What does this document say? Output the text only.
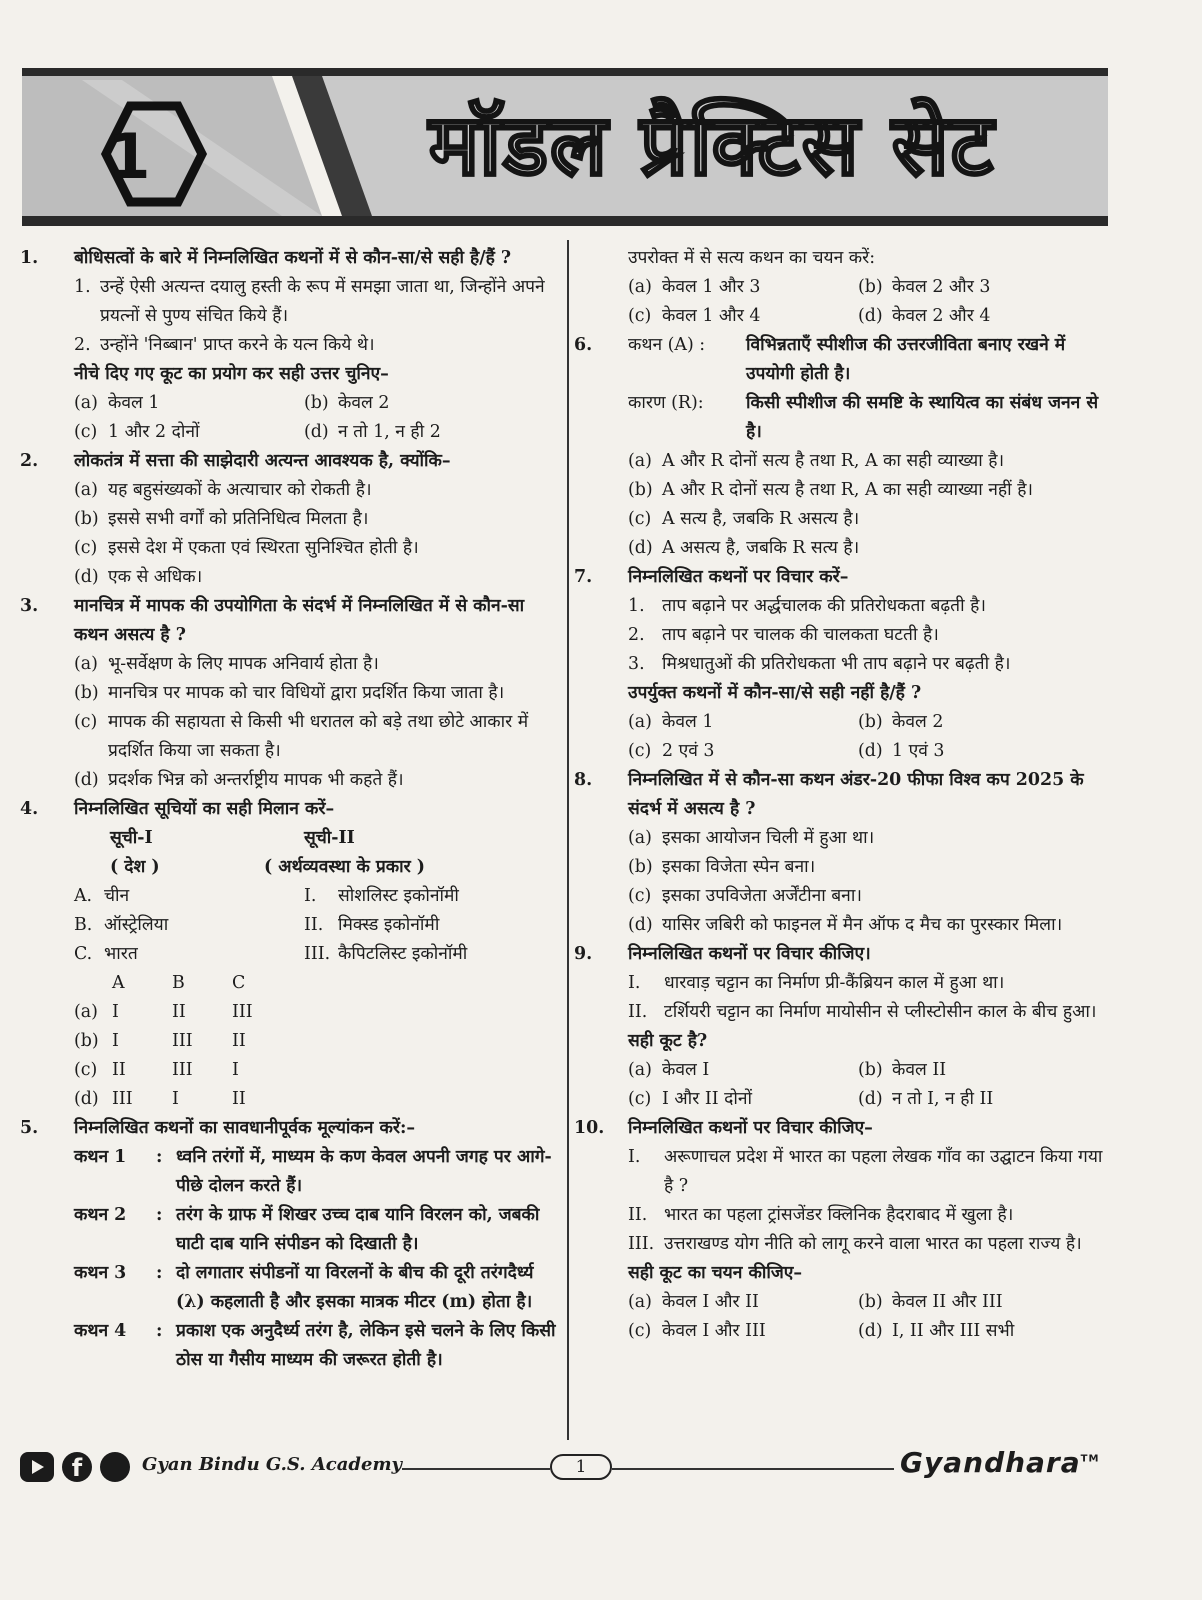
1	मॉडल प्रैक्टिस सेट
1.	बोधिसत्वों के बारे में निम्नलिखित कथनों में से कौन-सा/से सही है/हैं ?
1. उन्हें ऐसी अत्यन्त दयालु हस्ती के रूप में समझा जाता था, जिन्होंने अपने प्रयत्नों से पुण्य संचित किये हैं।
2. उन्होंने 'निब्बान' प्राप्त करने के यत्न किये थे।
नीचे दिए गए कूट का प्रयोग कर सही उत्तर चुनिए–
(a) केवल 1	(b) केवल 2
(c) 1 और 2 दोनों	(d) न तो 1, न ही 2
2.	लोकतंत्र में सत्ता की साझेदारी अत्यन्त आवश्यक है, क्योंकि–
(a) यह बहुसंख्यकों के अत्याचार को रोकती है।
(b) इससे सभी वर्गों को प्रतिनिधित्व मिलता है।
(c) इससे देश में एकता एवं स्थिरता सुनिश्चित होती है।
(d) एक से अधिक।
3.	मानचित्र में मापक की उपयोगिता के संदर्भ में निम्नलिखित में से कौन-सा कथन असत्य है ?
(a) भू-सर्वेक्षण के लिए मापक अनिवार्य होता है।
(b) मानचित्र पर मापक को चार विधियों द्वारा प्रदर्शित किया जाता है।
(c) मापक की सहायता से किसी भी धरातल को बड़े तथा छोटे आकार में प्रदर्शित किया जा सकता है।
(d) प्रदर्शक भिन्न को अन्तर्राष्ट्रीय मापक भी कहते हैं।
4.	निम्नलिखित सूचियों का सही मिलान करें–
सूची-I	सूची-II
( देश )	( अर्थव्यवस्था के प्रकार )
A. चीन	I.	सोशलिस्ट इकोनॉमी
B. ऑस्ट्रेलिया	II. मिक्स्ड इकोनॉमी
C. भारत	III. कैपिटलिस्ट इकोनॉमी
A	B	C
(a) I	II	III
(b) I	III	II
(c) II	III	I
(d) III	I	II
5.	निम्नलिखित कथनों का सावधानीपूर्वक मूल्यांकन करें:–
कथन 1	: ध्वनि तरंगों में, माध्यम के कण केवल अपनी जगह पर आगे-पीछे दोलन करते हैं।
कथन 2	: तरंग के ग्राफ में शिखर उच्च दाब यानि विरलन को, जबकी घाटी दाब यानि संपीडन को दिखाती है।
कथन 3	: दो लगातार संपीडनों या विरलनों के बीच की दूरी तरंगदैर्ध्य (λ) कहलाती है और इसका मात्रक मीटर (m) होता है।
कथन 4	: प्रकाश एक अनुदैर्ध्य तरंग है, लेकिन इसे चलने के लिए किसी ठोस या गैसीय माध्यम की जरूरत होती है।
उपरोक्त में से सत्य कथन का चयन करें:
(a) केवल 1 और 3	(b) केवल 2 और 3
(c) केवल 1 और 4	(d) केवल 2 और 4
6.	कथन (A) :	विभिन्नताएँ स्पीशीज की उत्तरजीविता बनाए रखने में उपयोगी होती है।
कारण (R):	किसी स्पीशीज की समष्टि के स्थायित्व का संबंध जनन से है।
(a) A और R दोनों सत्य है तथा R, A का सही व्याख्या है।
(b) A और R दोनों सत्य है तथा R, A का सही व्याख्या नहीं है।
(c) A सत्य है, जबकि R असत्य है।
(d) A असत्य है, जबकि R सत्य है।
7.	निम्नलिखित कथनों पर विचार करें–
1.	ताप बढ़ाने पर अर्द्धचालक की प्रतिरोधकता बढ़ती है।
2.	ताप बढ़ाने पर चालक की चालकता घटती है।
3.	मिश्रधातुओं की प्रतिरोधकता भी ताप बढ़ाने पर बढ़ती है।
उपर्युक्त कथनों में कौन-सा/से सही नहीं है/हैं ?
(a) केवल 1	(b) केवल 2
(c) 2 एवं 3	(d) 1 एवं 3
8.	निम्नलिखित में से कौन-सा कथन अंडर-20 फीफा विश्व कप 2025 के संदर्भ में असत्य है ?
(a) इसका आयोजन चिली में हुआ था।
(b) इसका विजेता स्पेन बना।
(c) इसका उपविजेता अर्जेंटीना बना।
(d) यासिर जबिरी को फाइनल में मैन ऑफ द मैच का पुरस्कार मिला।
9.	निम्नलिखित कथनों पर विचार कीजिए।
I.	धारवाड़ चट्टान का निर्माण प्री-कैंब्रियन काल में हुआ था।
II. टर्शियरी चट्टान का निर्माण मायोसीन से प्लीस्टोसीन काल के बीच हुआ।
सही कूट है?
(a) केवल I	(b) केवल II
(c) I और II दोनों	(d) न तो I, न ही II
10.	निम्नलिखित कथनों पर विचार कीजिए–
I.	अरूणाचल प्रदेश में भारत का पहला लेखक गाँव का उद्घाटन किया गया है ?
II. भारत का पहला ट्रांसजेंडर क्लिनिक हैदराबाद में खुला है।
III. उत्तराखण्ड योग नीति को लागू करने वाला भारत का पहला राज्य है।
सही कूट का चयन कीजिए–
(a) केवल I और II	(b) केवल II और III
(c) केवल I और III	(d) I, II और III सभी
f
Gyan Bindu G.S. Academy	1	Gyandhara™
